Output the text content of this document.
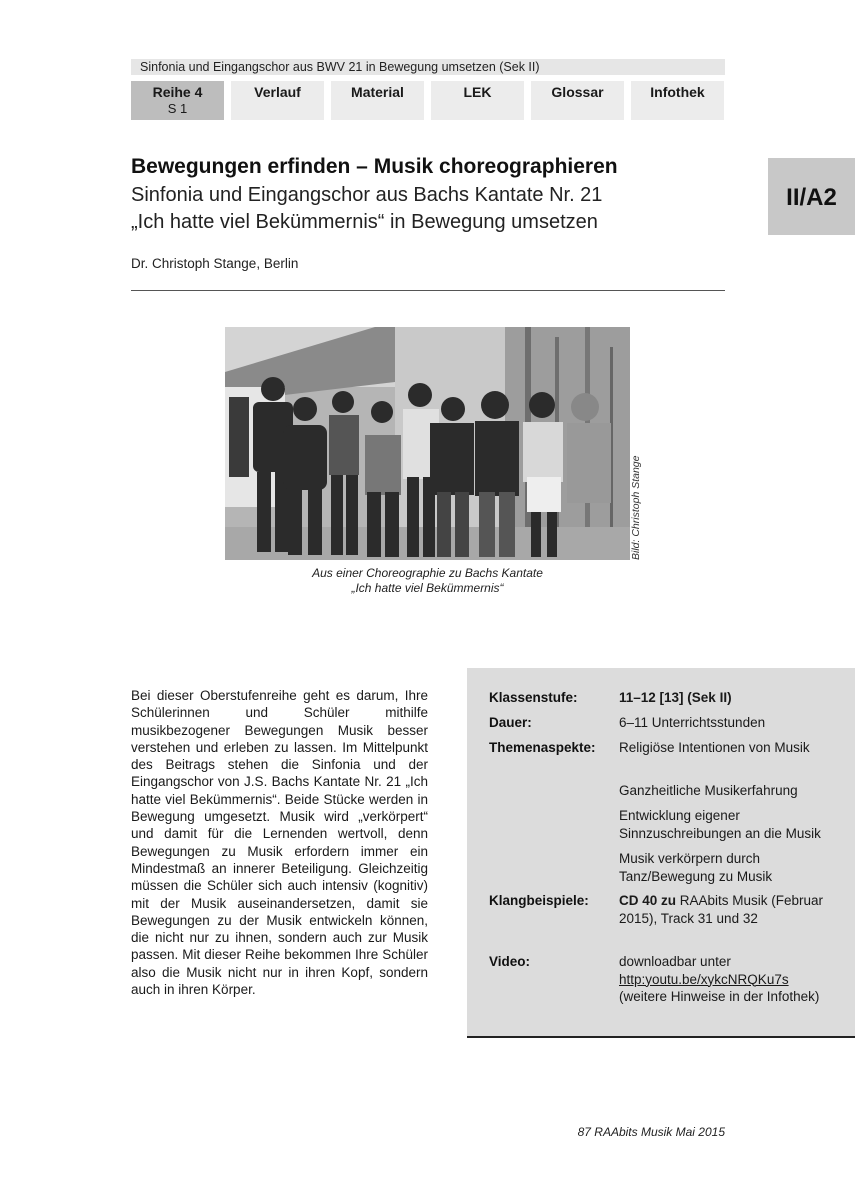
Sinfonia und Eingangschor aus BWV 21 in Bewegung umsetzen (Sek II)
Reihe 4
S 1
Verlauf	Material	LEK	Glossar	Infothek
II/A2
Bewegungen erfinden – Musik choreographieren
Sinfonia und Eingangschor aus Bachs Kantate Nr. 21
„Ich hatte viel Bekümmernis“ in Bewegung umsetzen
Dr. Christoph Stange, Berlin
Bild: Christoph Stange
Aus einer Choreographie zu Bachs Kantate
„Ich hatte viel Bekümmernis“
Bei dieser Oberstufenreihe geht es darum, Ihre Schülerinnen und Schüler mithilfe musikbezogener Bewegungen Musik besser verstehen und erleben zu lassen. Im Mittelpunkt des Beitrags stehen die Sinfonia und der Eingangschor von J.S. Bachs Kantate Nr. 21 „Ich hatte viel Bekümmernis“. Beide Stücke werden in Bewegung umgesetzt. Musik wird „verkörpert“ und damit für die Lernenden wertvoll, denn Bewegungen zu Musik erfordern immer ein Mindestmaß an innerer Beteiligung. Gleichzeitig müssen die Schüler sich auch intensiv (kognitiv) mit der Musik auseinandersetzen, damit sie Bewegungen zu der Musik entwickeln können, die nicht nur zu ihnen, sondern auch zur Musik passen. Mit dieser Reihe bekommen Ihre Schüler also die Musik nicht nur in ihren Kopf, sondern auch in ihren Körper.
Klassenstufe:	11–12 [13] (Sek II)
Dauer:	6–11 Unterrichtsstunden
Themenaspekte: Religiöse Intentionen von Musik
Ganzheitliche Musikerfahrung
Entwicklung eigener Sinnzuschreibungen an die Musik
Musik verkörpern durch Tanz/Bewegung zu Musik
Klangbeispiele: CD 40 zu RAAbits Musik (Februar 2015), Track 31 und 32
Video:	downloadbar unter
http:youtu.be/xykcNRQKu7s
(weitere Hinweise in der Infothek)
87 RAAbits Musik Mai 2015
